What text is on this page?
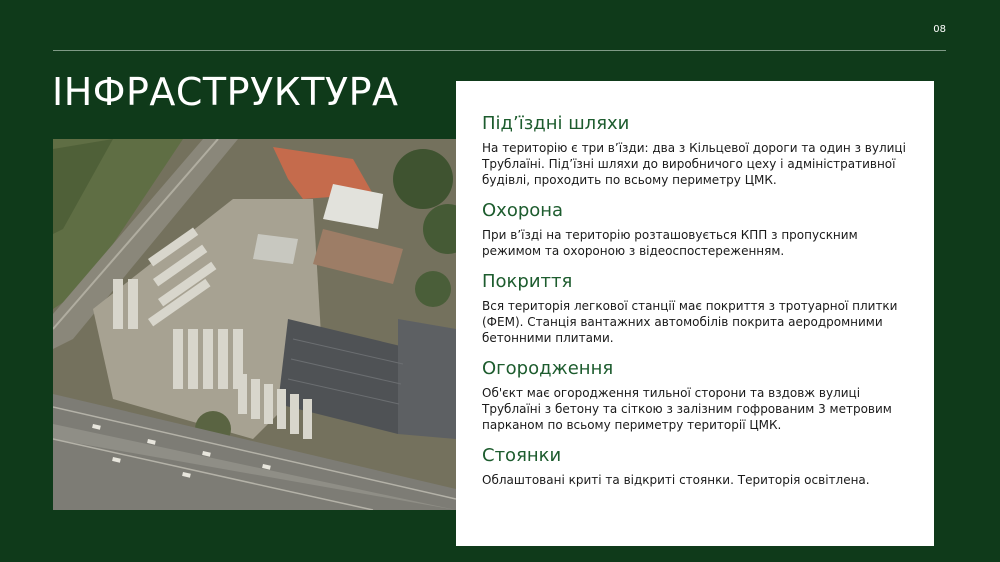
08
ІНФРАСТРУКТУРА
Під’їздні шляхи

На територію є три в’їзди: два з Кільцевої дороги та один з вулиці Трублаїні. Під’їзні шляхи до виробничого цеху і адміністративної будівлі, проходить по всьому периметру ЦМК.

Охорона

При в’їзді на територію розташовується КПП з пропускним режимом та охороною з відеоспостереженням.

Покриття

Вся територія легкової станції має покриття з тротуарної плитки (ФЕМ). Станція вантажних автомобілів покрита аеродромними бетонними плитами.

Огородження

Об'єкт має огородження тильної сторони та вздовж вулиці Трублаїні з бетону та сіткою з залізним гофрованим 3 метровим парканом по всьому периметру території ЦМК.

Стоянки

Облаштовані криті та відкриті стоянки. Територія освітлена.
